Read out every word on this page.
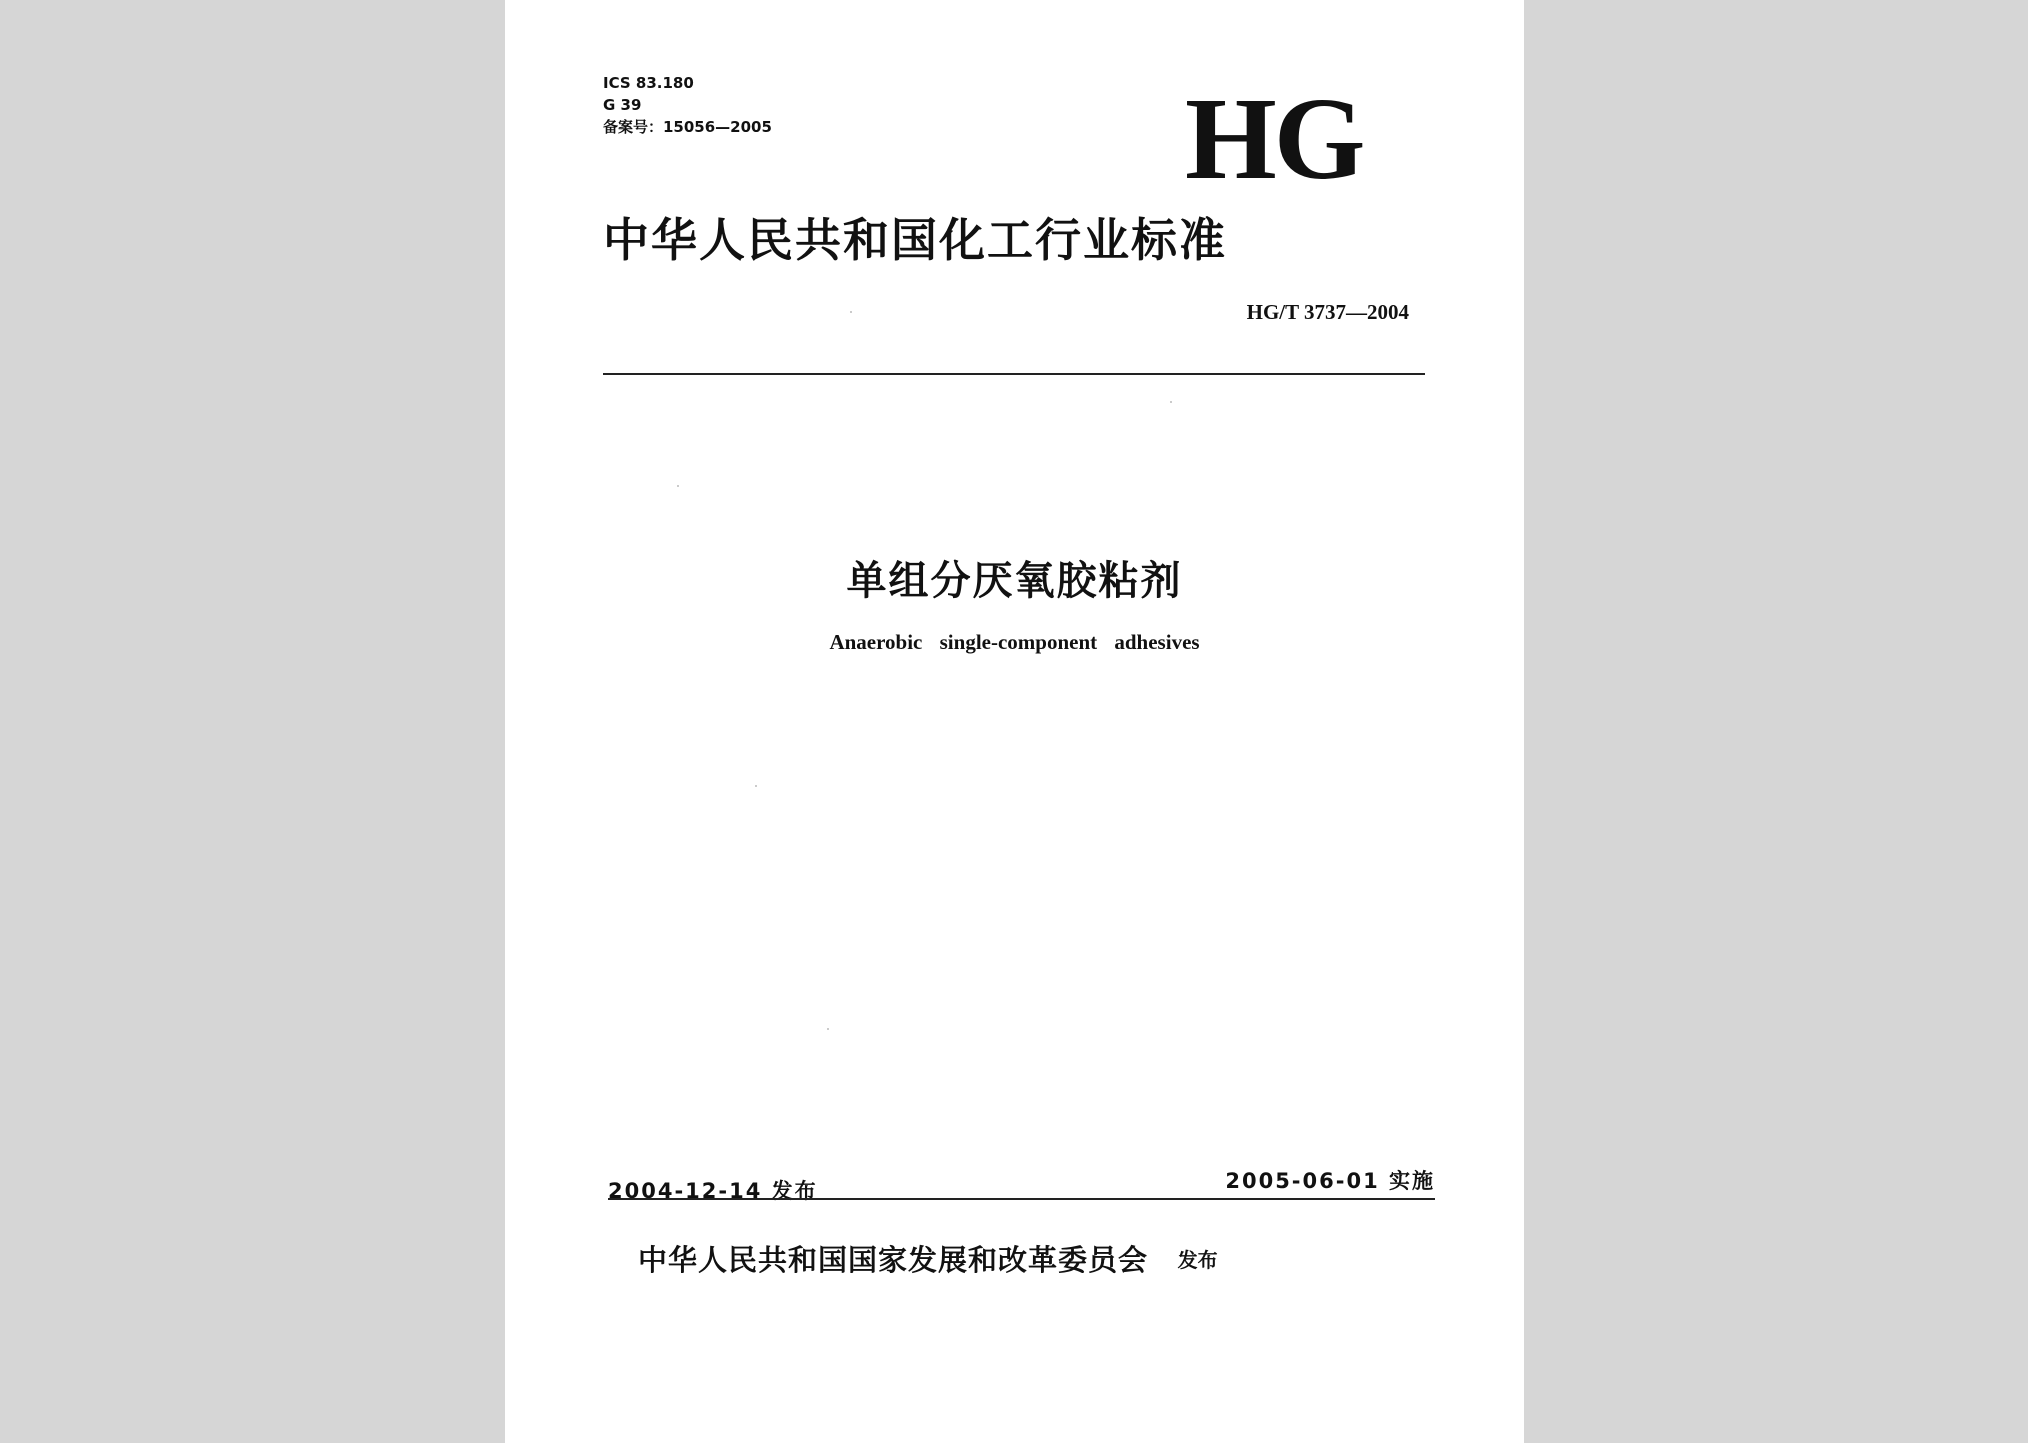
ICS 83.180
G 39
备案号：15056—2005	HG
中华人民共和国化工行业标准
HG/T 3737—2004
单组分厌氧胶粘剂
Anaerobic single-component adhesives
2004-12-14 发布	2005-06-01 实施
中华人民共和国国家发展和改革委员会 发布
